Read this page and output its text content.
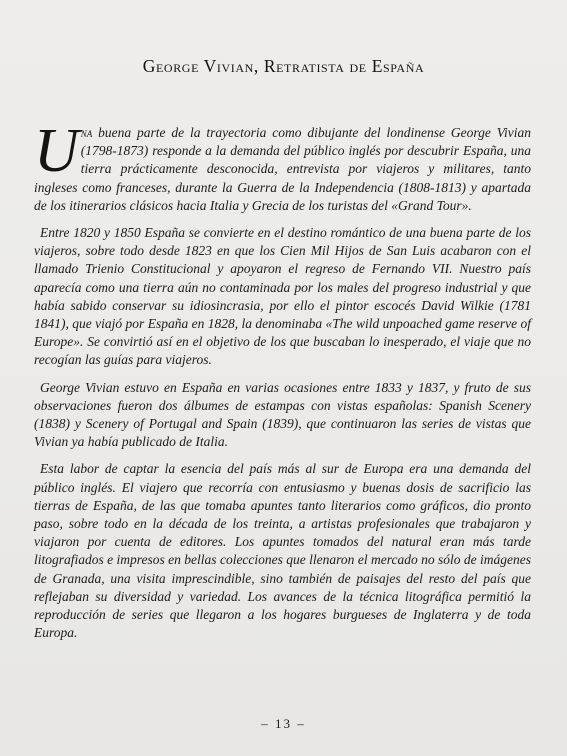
George Vivian, Retratista de España

Una buena parte de la trayectoria como dibujante del londinense George Vivian (1798-1873) responde a la demanda del público inglés por descubrir España, una tierra prácticamente desconocida, entrevista por viajeros y militares, tanto ingleses como franceses, durante la Guerra de la Independencia (1808-1813) y apartada de los itinerarios clásicos hacia Italia y Grecia de los turistas del «Grand Tour».

Entre 1820 y 1850 España se convierte en el destino romántico de una buena parte de los viajeros, sobre todo desde 1823 en que los Cien Mil Hijos de San Luis acabaron con el llamado Trienio Constitucional y apoyaron el regreso de Fernando VII. Nuestro país aparecía como una tierra aún no contaminada por los males del progreso industrial y que había sabido conservar su idiosincrasia, por ello el pintor escocés David Wilkie (1781 1841), que viajó por España en 1828, la denominaba «The wild unpoached game reserve of Europe». Se convirtió así en el objetivo de los que buscaban lo inesperado, el viaje que no recogían las guías para viajeros.

George Vivian estuvo en España en varias ocasiones entre 1833 y 1837, y fruto de sus observaciones fueron dos álbumes de estampas con vistas españolas: Spanish Scenery (1838) y Scenery of Portugal and Spain (1839), que continuaron las series de vistas que Vivian ya había publicado de Italia.

Esta labor de captar la esencia del país más al sur de Europa era una demanda del público inglés. El viajero que recorría con entusiasmo y buenas dosis de sacrificio las tierras de España, de las que tomaba apuntes tanto literarios como gráficos, dio pronto paso, sobre todo en la década de los treinta, a artistas profesionales que trabajaron y viajaron por cuenta de editores. Los apuntes tomados del natural eran más tarde litografiados e impresos en bellas colecciones que llenaron el mercado no sólo de imágenes de Granada, una visita imprescindible, sino también de paisajes del resto del país que reflejaban su diversidad y variedad. Los avances de la técnica litográfica permitió la reproducción de series que llegaron a los hogares burgueses de Inglaterra y de toda Europa.

– 13 –
